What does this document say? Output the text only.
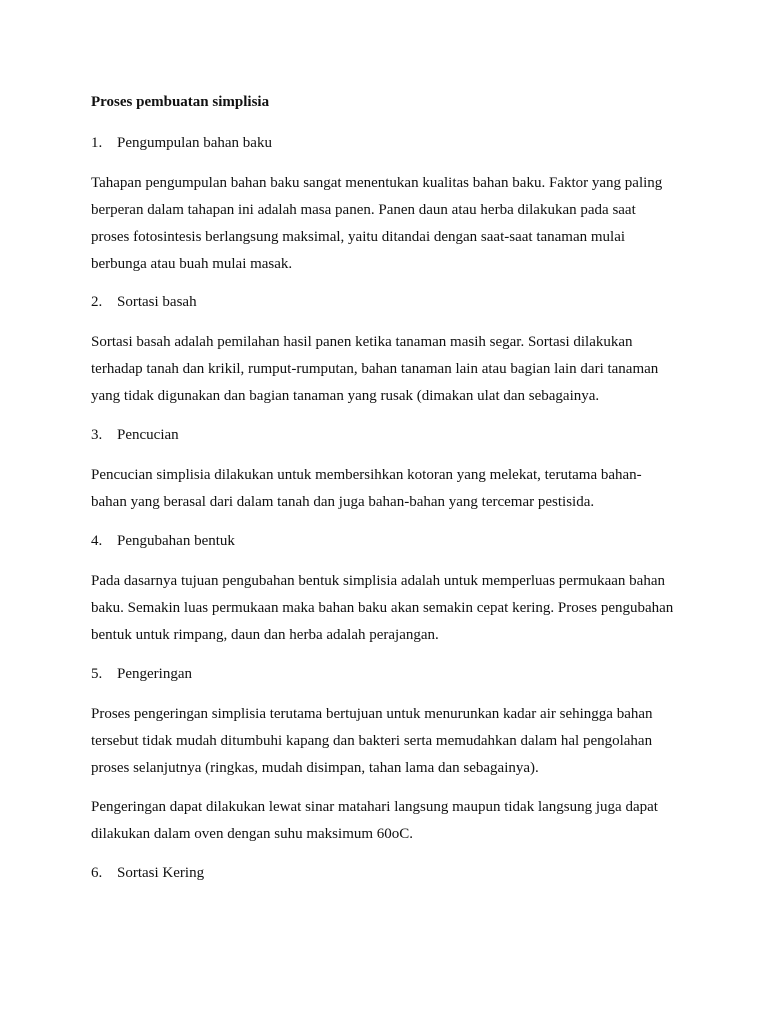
Proses pembuatan simplisia

1. Pengumpulan bahan baku
Tahapan pengumpulan bahan baku sangat menentukan kualitas bahan baku. Faktor yang paling
berperan dalam tahapan ini adalah masa panen. Panen daun atau herba dilakukan pada saat
proses fotosintesis berlangsung maksimal, yaitu ditandai dengan saat-saat tanaman mulai
berbunga atau buah mulai masak.
2. Sortasi basah
Sortasi basah adalah pemilahan hasil panen ketika tanaman masih segar. Sortasi dilakukan
terhadap tanah dan krikil, rumput-rumputan, bahan tanaman lain atau bagian lain dari tanaman
yang tidak digunakan dan bagian tanaman yang rusak (dimakan ulat dan sebagainya.
3. Pencucian
Pencucian simplisia dilakukan untuk membersihkan kotoran yang melekat, terutama bahan-
bahan yang berasal dari dalam tanah dan juga bahan-bahan yang tercemar pestisida.
4. Pengubahan bentuk
Pada dasarnya tujuan pengubahan bentuk simplisia adalah untuk memperluas permukaan bahan
baku. Semakin luas permukaan maka bahan baku akan semakin cepat kering. Proses pengubahan
bentuk untuk rimpang, daun dan herba adalah perajangan.
5. Pengeringan
Proses pengeringan simplisia terutama bertujuan untuk menurunkan kadar air sehingga bahan
tersebut tidak mudah ditumbuhi kapang dan bakteri serta memudahkan dalam hal pengolahan
proses selanjutnya (ringkas, mudah disimpan, tahan lama dan sebagainya).
Pengeringan dapat dilakukan lewat sinar matahari langsung maupun tidak langsung juga dapat
dilakukan dalam oven dengan suhu maksimum 60oC.
6. Sortasi Kering
